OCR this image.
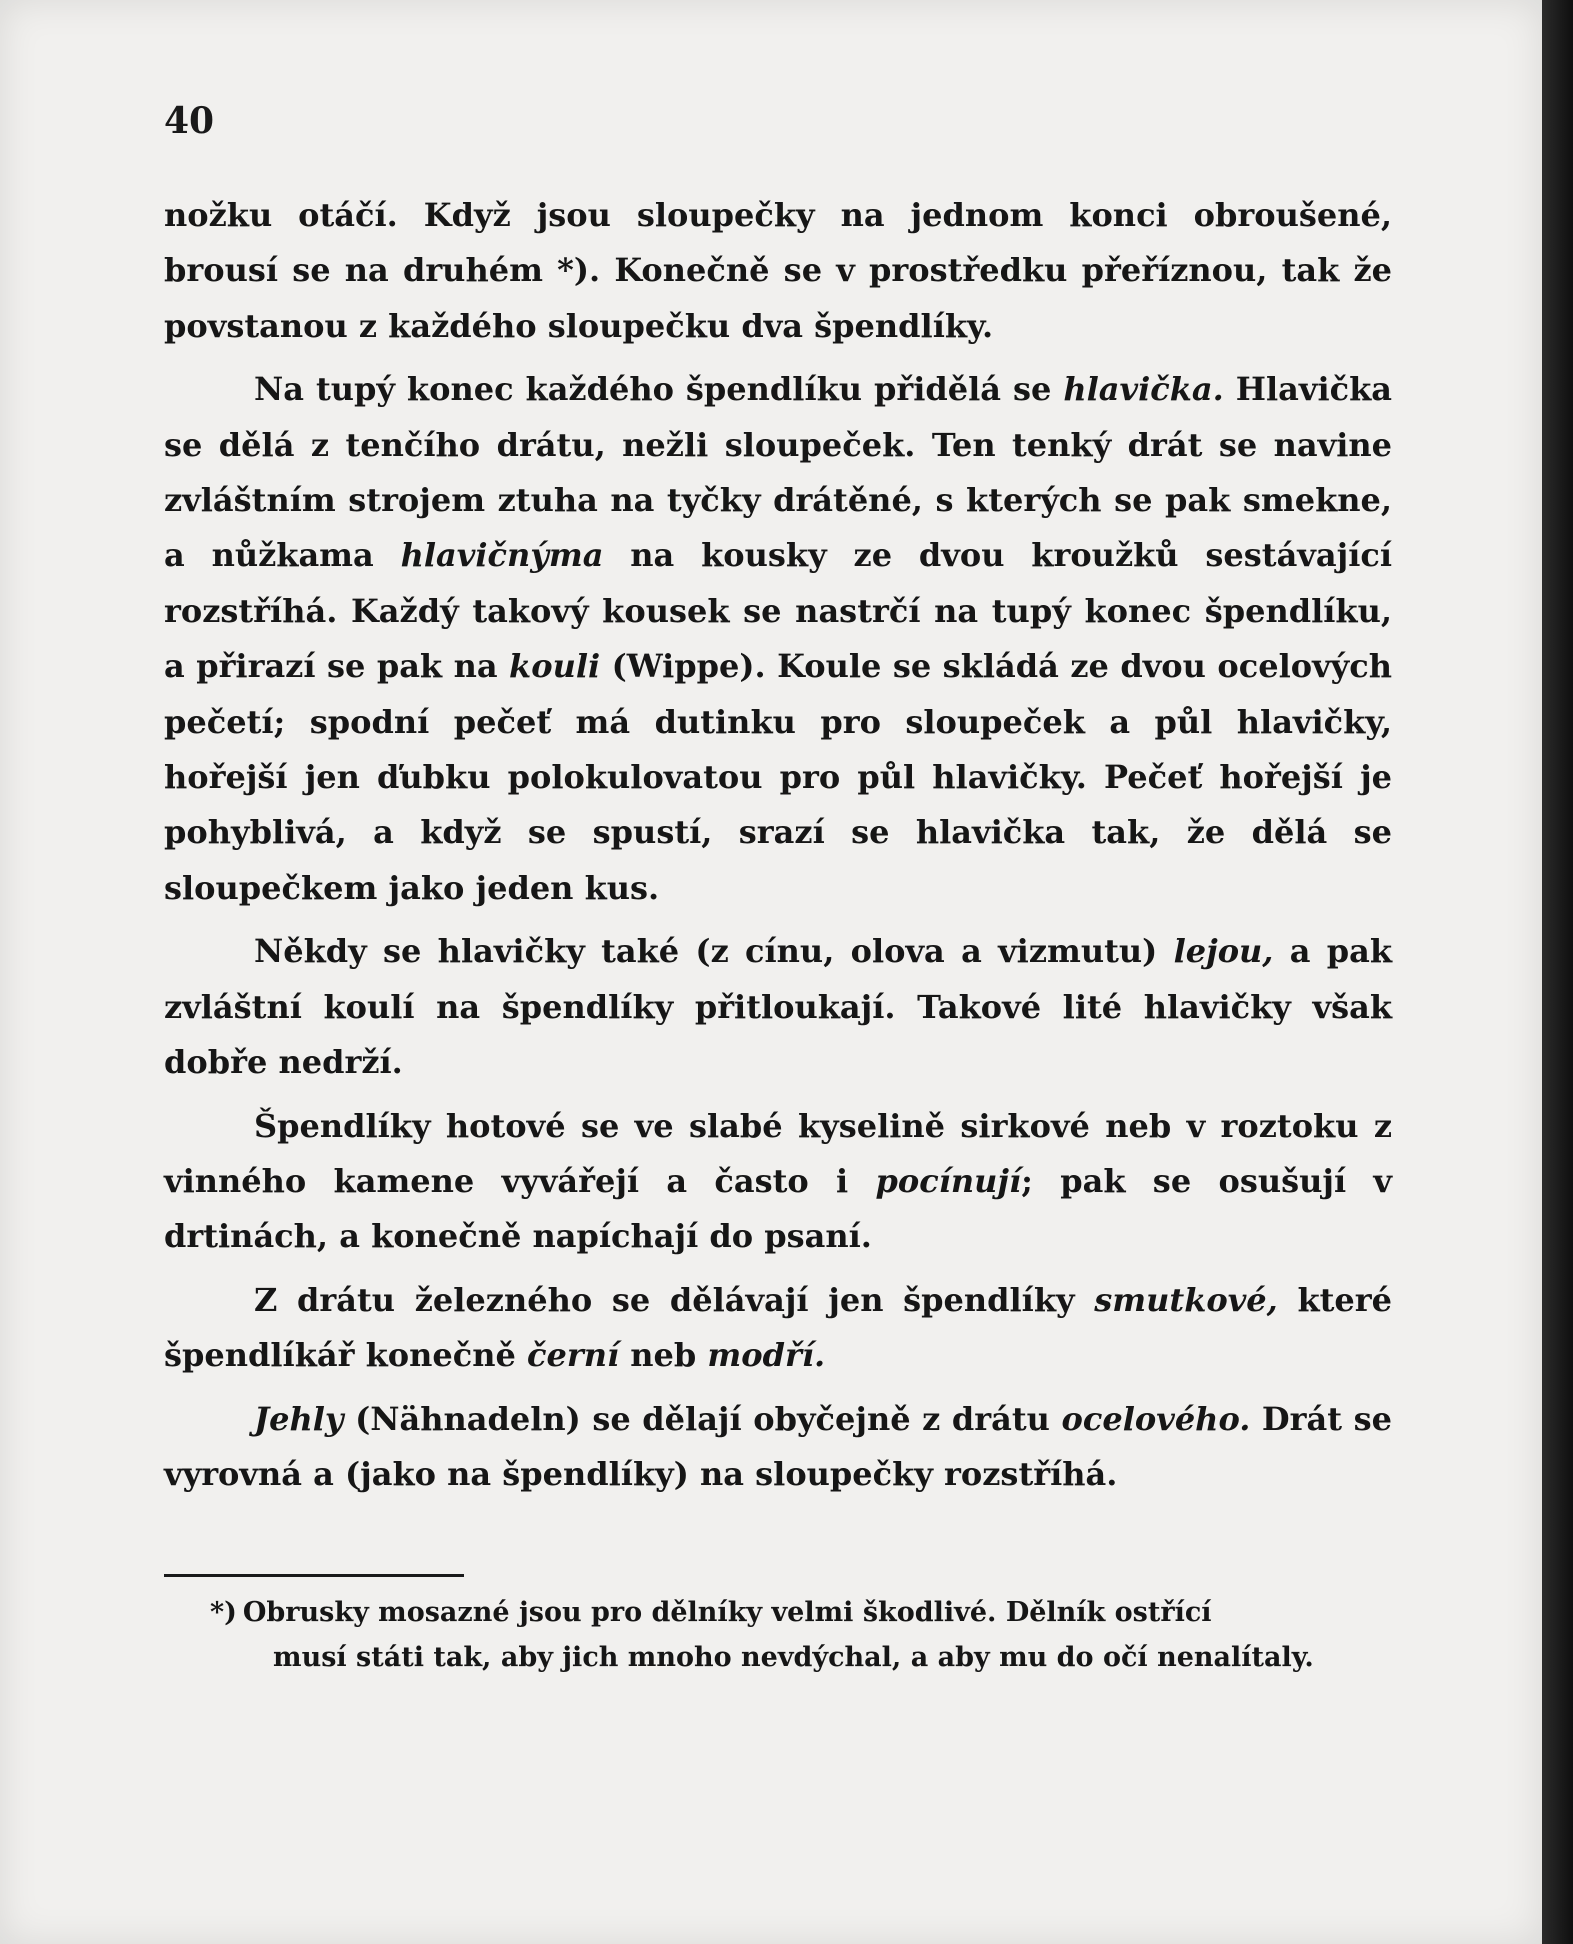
40

nožku otáčí. Když jsou sloupečky na jednom konci obroušené, brousí se na druhém *). Konečně se v prostředku přeříznou, tak že povstanou z každého sloupečku dva špendlíky.

Na tupý konec každého špendlíku přidělá se hlavička. Hlavička se dělá z tenčího drátu, nežli sloupeček. Ten tenký drát se navine zvláštním strojem ztuha na tyčky drátěné, s kterých se pak smekne, a nůžkama hlavičnýma na kousky ze dvou kroužků sestávající rozstříhá. Každý takový kousek se nastrčí na tupý konec špendlíku, a přirazí se pak na kouli (Wippe). Koule se skládá ze dvou ocelových pečetí; spodní pečeť má dutinku pro sloupeček a půl hlavičky, hořejší jen ďubku polokulovatou pro půl hlavičky. Pečeť hořejší je pohyblivá, a když se spustí, srazí se hlavička tak, že dělá se sloupečkem jako jeden kus.

Někdy se hlavičky také (z cínu, olova a vizmutu) lejou, a pak zvláštní koulí na špendlíky přitloukají. Takové lité hlavičky však dobře nedrží.

Špendlíky hotové se ve slabé kyselině sirkové neb v roztoku z vinného kamene vyvářejí a často i pocínují; pak se osušují v drtinách, a konečně napíchají do psaní.

Z drátu železného se dělávají jen špendlíky smutkové, které špendlíkář konečně černí neb modří.

Jehly (Nähnadeln) se dělají obyčejně z drátu ocelového. Drát se vyrovná a (jako na špendlíky) na sloupečky rozstříhá.

*) Obrusky mosazné jsou pro dělníky velmi škodlivé. Dělník ostřící
musí státi tak, aby jich mnoho nevdýchal, a aby mu do očí nenalítaly.
